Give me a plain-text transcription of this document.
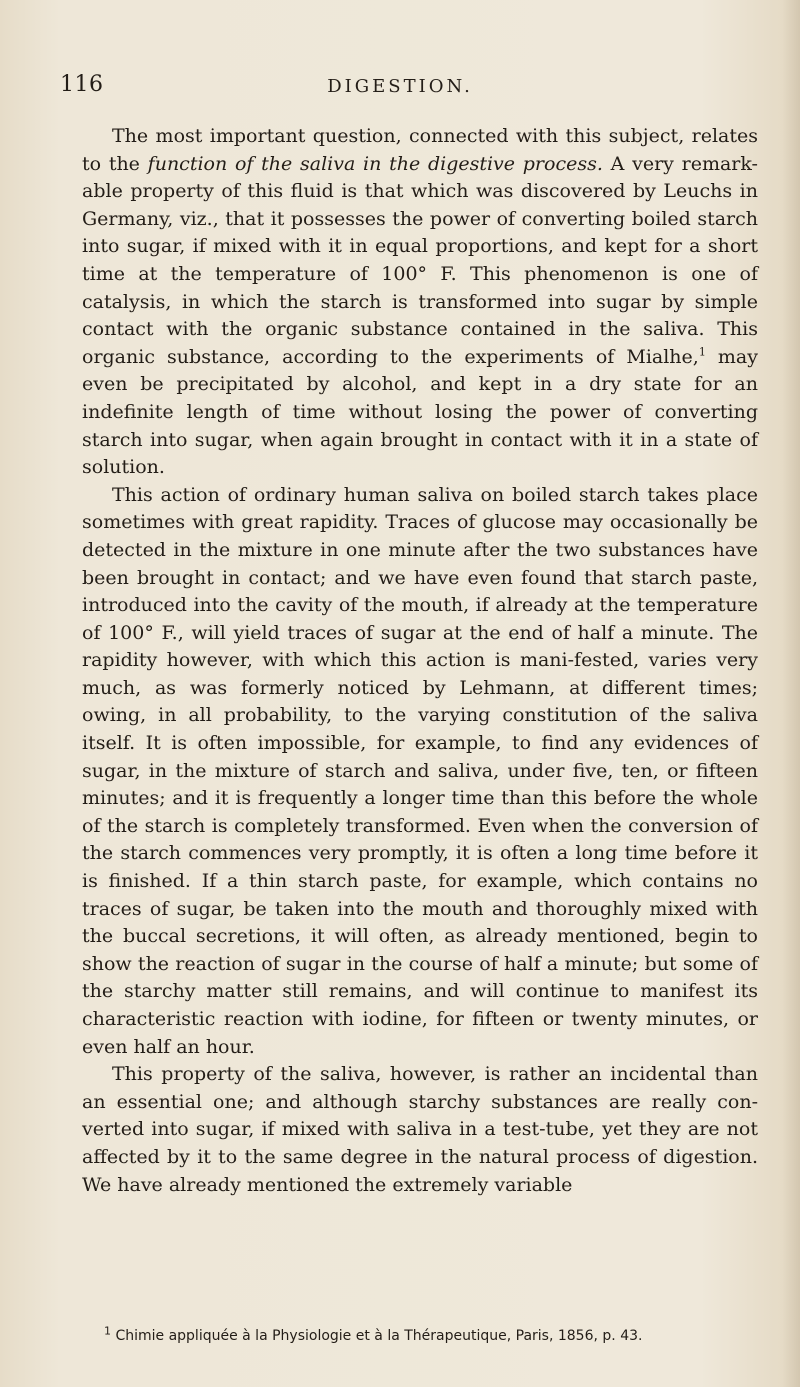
116	DIGESTION.

The most important question, connected with this subject, relates to the function of the saliva in the digestive process. A very remark-able property of this fluid is that which was discovered by Leuchs in Germany, viz., that it possesses the power of converting boiled starch into sugar, if mixed with it in equal proportions, and kept for a short time at the temperature of 100° F. This phenomenon is one of catalysis, in which the starch is transformed into sugar by simple contact with the organic substance contained in the saliva. This organic substance, according to the experiments of Mialhe,$^1$ may even be precipitated by alcohol, and kept in a dry state for an indefinite length of time without losing the power of converting starch into sugar, when again brought in contact with it in a state of solution.

This action of ordinary human saliva on boiled starch takes place sometimes with great rapidity. Traces of glucose may occasionally be detected in the mixture in one minute after the two substances have been brought in contact; and we have even found that starch paste, introduced into the cavity of the mouth, if already at the temperature of 100° F., will yield traces of sugar at the end of half a minute. The rapidity however, with which this action is mani-fested, varies very much, as was formerly noticed by Lehmann, at different times; owing, in all probability, to the varying constitution of the saliva itself. It is often impossible, for example, to find any evidences of sugar, in the mixture of starch and saliva, under five, ten, or fifteen minutes; and it is frequently a longer time than this before the whole of the starch is completely transformed. Even when the conversion of the starch commences very promptly, it is often a long time before it is finished. If a thin starch paste, for example, which contains no traces of sugar, be taken into the mouth and thoroughly mixed with the buccal secretions, it will often, as already mentioned, begin to show the reaction of sugar in the course of half a minute; but some of the starchy matter still remains, and will continue to manifest its characteristic reaction with iodine, for fifteen or twenty minutes, or even half an hour.

This property of the saliva, however, is rather an incidental than an essential one; and although starchy substances are really con-verted into sugar, if mixed with saliva in a test-tube, yet they are not affected by it to the same degree in the natural process of digestion. We have already mentioned the extremely variable

$^1$ Chimie appliquée à la Physiologie et à la Thérapeutique, Paris, 1856, p. 43.
